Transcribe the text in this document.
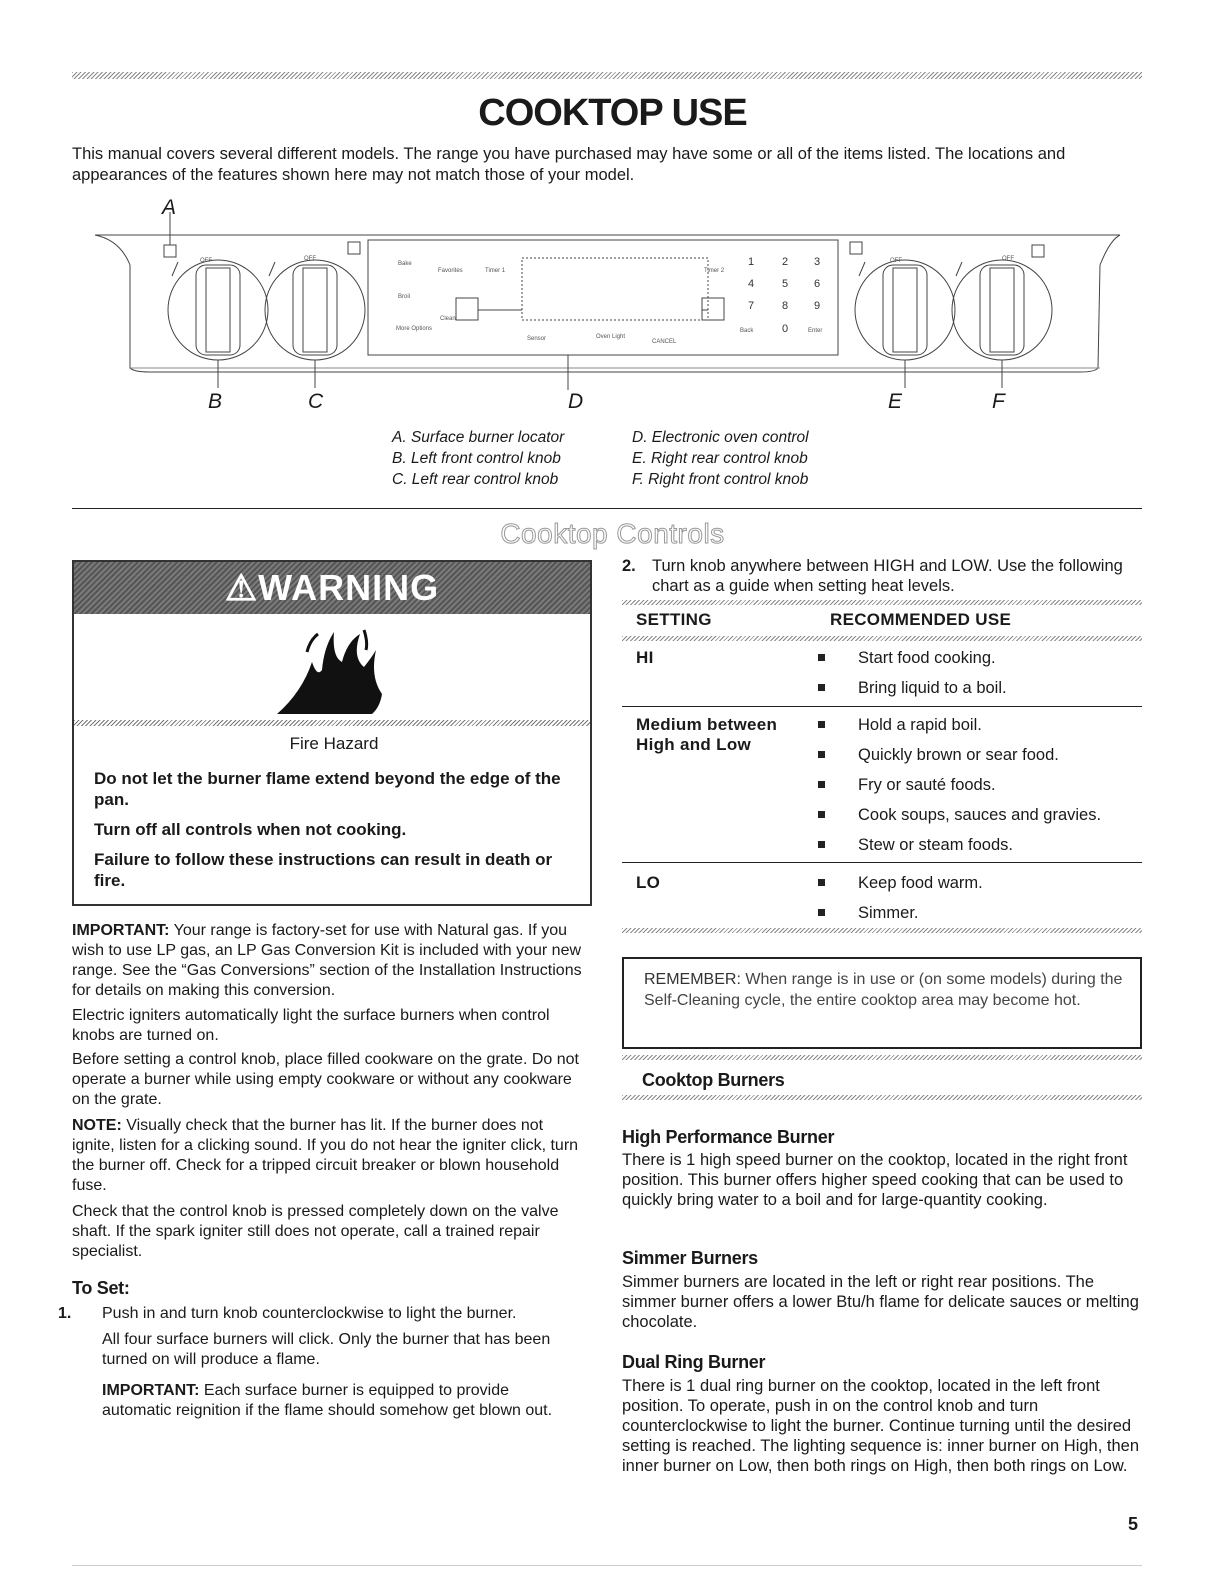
COOKTOP USE

This manual covers several different models. The range you have purchased may have some or all of the items listed. The locations and appearances of the features shown here may not match those of your model.

OFF	OFF	OFF	OFF
Bake
Broil
More Options
Favorites	Timer 1	Timer 2
Clean
Sensor	Oven Light
CANCEL
Back	Enter
1	2 3
4	5 6
7	8 9
0
A
B	C	D	E	F
A. Surface burner locator
B. Left front control knob
C. Left rear control knob
D. Electronic oven control
E. Right rear control knob
F. Right front control knob
Cooktop Controls
⚠WARNING
Fire Hazard
Do not let the burner flame extend beyond the edge of the pan.
Turn off all controls when not cooking.
Failure to follow these instructions can result in death or fire.

IMPORTANT: Your range is factory-set for use with Natural gas. If you wish to use LP gas, an LP Gas Conversion Kit is included with your new range. See the “Gas Conversions” section of the Installation Instructions for details on making this conversion.

Electric igniters automatically light the surface burners when control knobs are turned on.

Before setting a control knob, place filled cookware on the grate. Do not operate a burner while using empty cookware or without any cookware on the grate.

NOTE: Visually check that the burner has lit. If the burner does not ignite, listen for a clicking sound. If you do not hear the igniter click, turn the burner off. Check for a tripped circuit breaker or blown household fuse.

Check that the control knob is pressed completely down on the valve shaft. If the spark igniter still does not operate, call a trained repair specialist.

To Set:
1.	Push in and turn knob counterclockwise to light the burner.

All four surface burners will click. Only the burner that has been turned on will produce a flame.

IMPORTANT: Each surface burner is equipped to provide automatic reignition if the flame should somehow get blown out.

2. Turn knob anywhere between HIGH and LOW. Use the following chart as a guide when setting heat levels.

SETTING	RECOMMENDED USE
HI	Start food cooking.
Bring liquid to a boil.
Medium between High and Low
Hold a rapid boil.
Quickly brown or sear food.
Fry or sauté foods.
Cook soups, sauces and gravies.
Stew or steam foods.
LO	Keep food warm.
Simmer.

REMEMBER: When range is in use or (on some models) during the Self-Cleaning cycle, the entire cooktop area may become hot.

Cooktop Burners
High Performance Burner

There is 1 high speed burner on the cooktop, located in the right front position. This burner offers higher speed cooking that can be used to quickly bring water to a boil and for large-quantity cooking.

Simmer Burners

Simmer burners are located in the left or right rear positions. The simmer burner offers a lower Btu/h flame for delicate sauces or melting chocolate.

Dual Ring Burner

There is 1 dual ring burner on the cooktop, located in the left front position. To operate, push in on the control knob and turn counterclockwise to light the burner. Continue turning until the desired setting is reached. The lighting sequence is: inner burner on High, then inner burner on Low, then both rings on High, then both rings on Low.

5
